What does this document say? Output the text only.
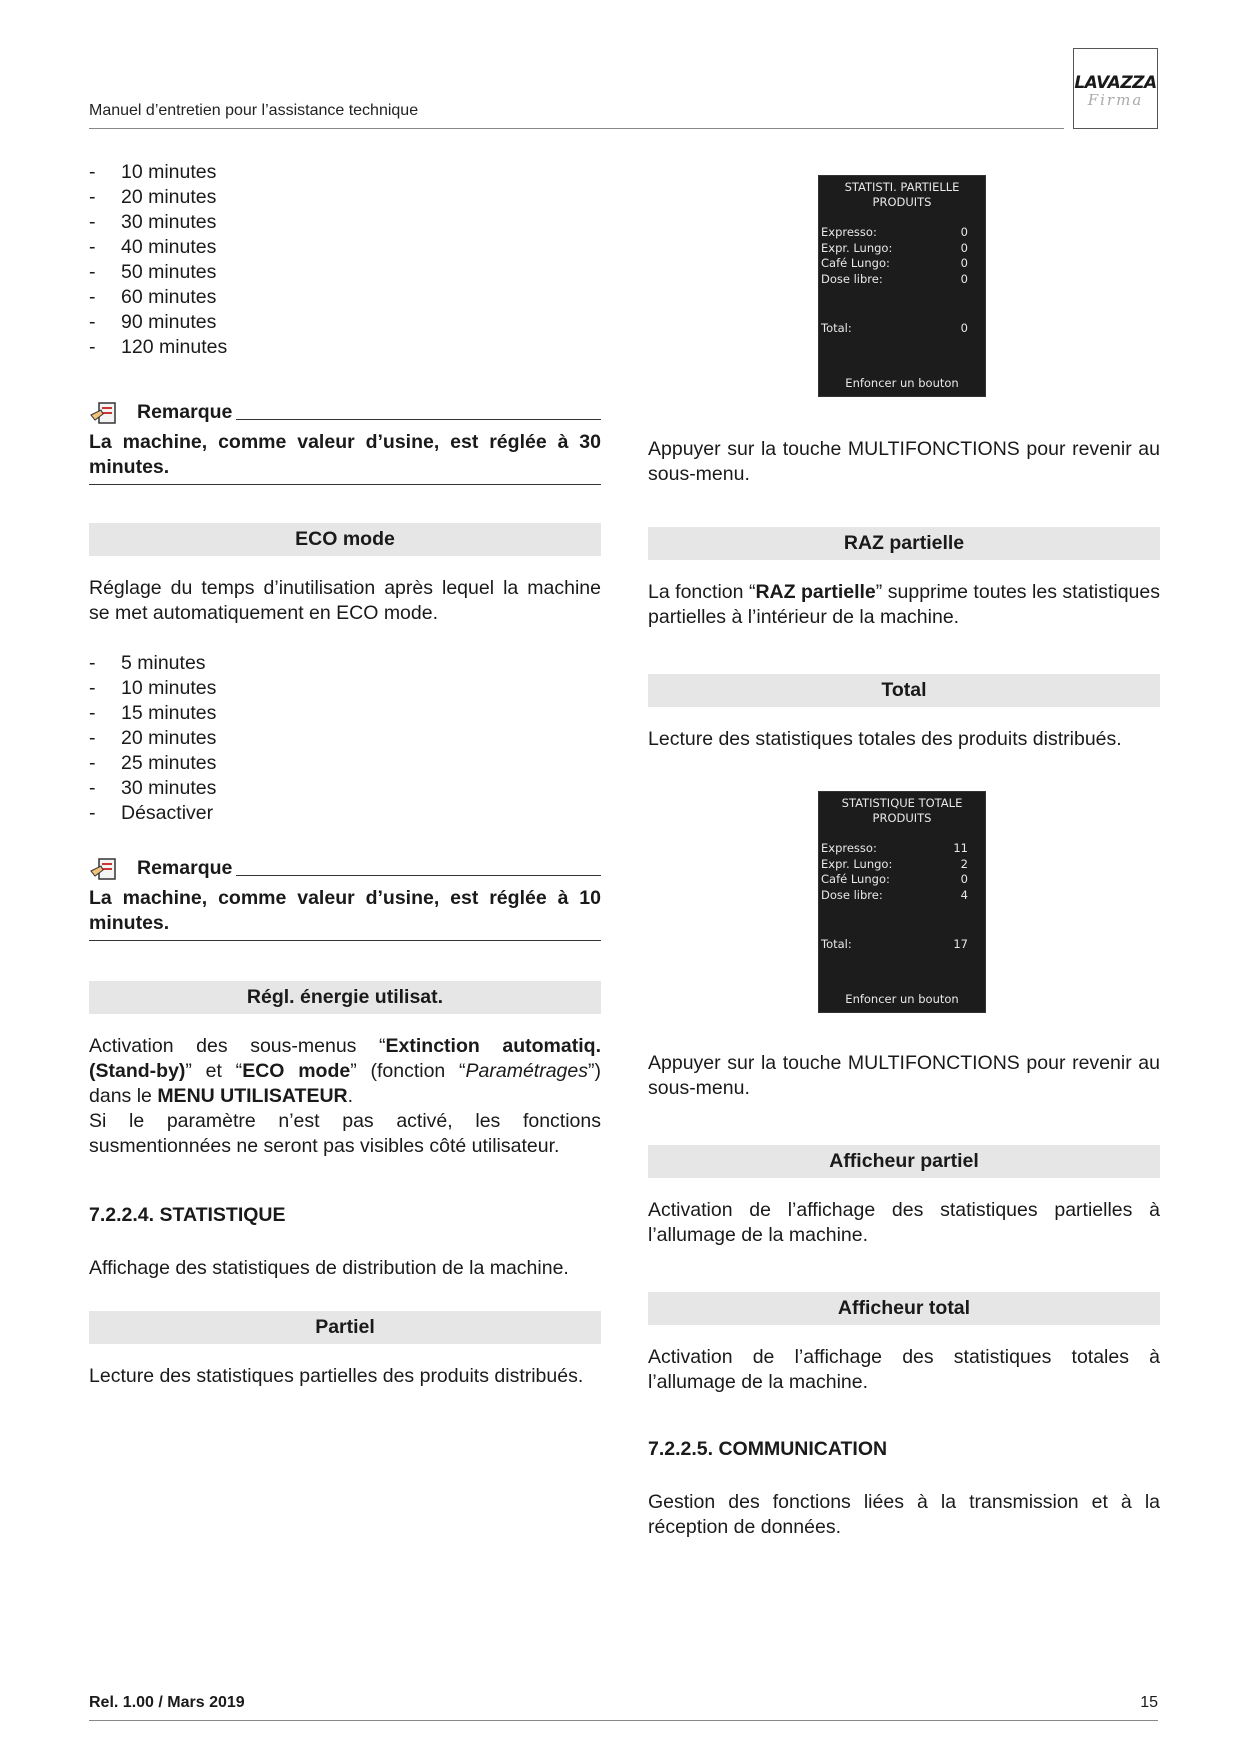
Manuel d’entretien pour l’assistance technique
LAVAZZA
Firma
- 10 minutes
- 20 minutes
- 30 minutes
- 40 minutes
- 50 minutes
- 60 minutes
- 90 minutes
- 120 minutes
Remarque

La machine, comme valeur d’usine, est réglée à 30 minutes.

ECO mode

Réglage du temps d’inutilisation après lequel la machine se met automatiquement en ECO mode.

- 5 minutes
- 10 minutes
- 15 minutes
- 20 minutes
- 25 minutes
- 30 minutes
- Désactiver
Remarque

La machine, comme valeur d’usine, est réglée à 10 minutes.

Régl. énergie utilisat.

Activation des sous-menus “Extinction automatiq. (Stand-by)” et “ECO mode” (fonction “Paramétrages”) dans le MENU UTILISATEUR.

Si le paramètre n’est pas activé, les fonctions susmentionnées ne seront pas visibles côté utilisateur.

7.2.2.4. STATISTIQUE

Affichage des statistiques de distribution de la machine.

Partiel

Lecture des statistiques partielles des produits distribués.

STATISTI. PARTIELLE
PRODUITS
Expresso:	0
Expr. Lungo:	0
Café Lungo:	0
Dose libre:	0
Total:	0
Enfoncer un bouton

Appuyer sur la touche MULTIFONCTIONS pour revenir au sous-menu.

RAZ partielle

La fonction “RAZ partielle” supprime toutes les statistiques partielles à l’intérieur de la machine.

Total

Lecture des statistiques totales des produits distribués.

STATISTIQUE TOTALE
PRODUITS
Expresso:	11
Expr. Lungo:	2
Café Lungo:	0
Dose libre:	4
Total:	17
Enfoncer un bouton

Appuyer sur la touche MULTIFONCTIONS pour revenir au sous-menu.

Afficheur partiel

Activation de l’affichage des statistiques partielles à l’allumage de la machine.

Afficheur total

Activation de l’affichage des statistiques totales à l’allumage de la machine.

7.2.2.5. COMMUNICATION

Gestion des fonctions liées à la transmission et à la réception de données.

Rel. 1.00 / Mars 2019	15
